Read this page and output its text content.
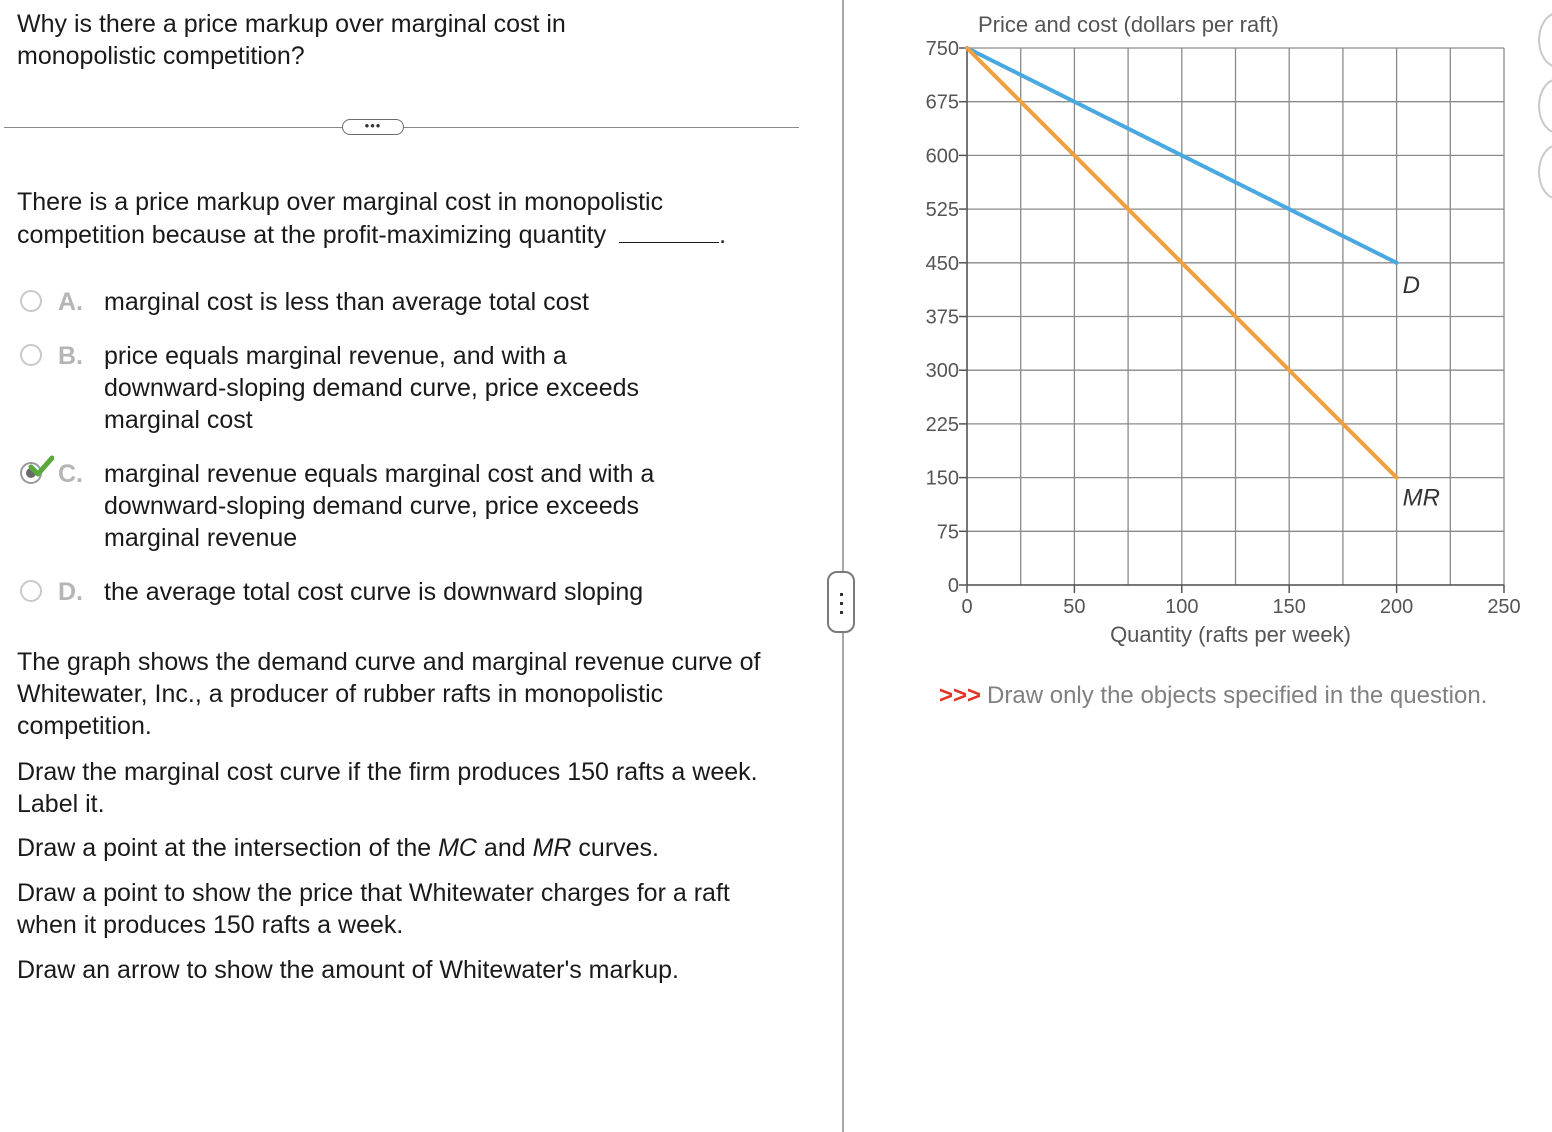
Why is there a price markup over marginal cost in monopolistic competition?

•••

There is a price markup over marginal cost in monopolistic competition because at the profit-maximizing quantity	.

A. marginal cost is less than average total cost
B. price equals marginal revenue, and with a downward-sloping demand curve, price exceeds marginal cost
C. marginal revenue equals marginal cost and with a downward-sloping demand curve, price exceeds marginal revenue
D. the average total cost curve is downward sloping

The graph shows the demand curve and marginal revenue curve of Whitewater, Inc., a producer of rubber rafts in monopolistic competition.

Draw the marginal cost curve if the firm produces 150 rafts a week. Label it.

Draw a point at the intersection of the MC and MR curves.

Draw a point to show the price that Whitewater charges for a raft when it produces 150 rafts a week.

Draw an arrow to show the amount of Whitewater's markup.

0
75
150
225
300
375
450
525
600
675
750
0	50	100	150	200	250
Price and cost (dollars per raft)
Quantity (rafts per week)
D
MR
>>> Draw only the objects specified in the question.
